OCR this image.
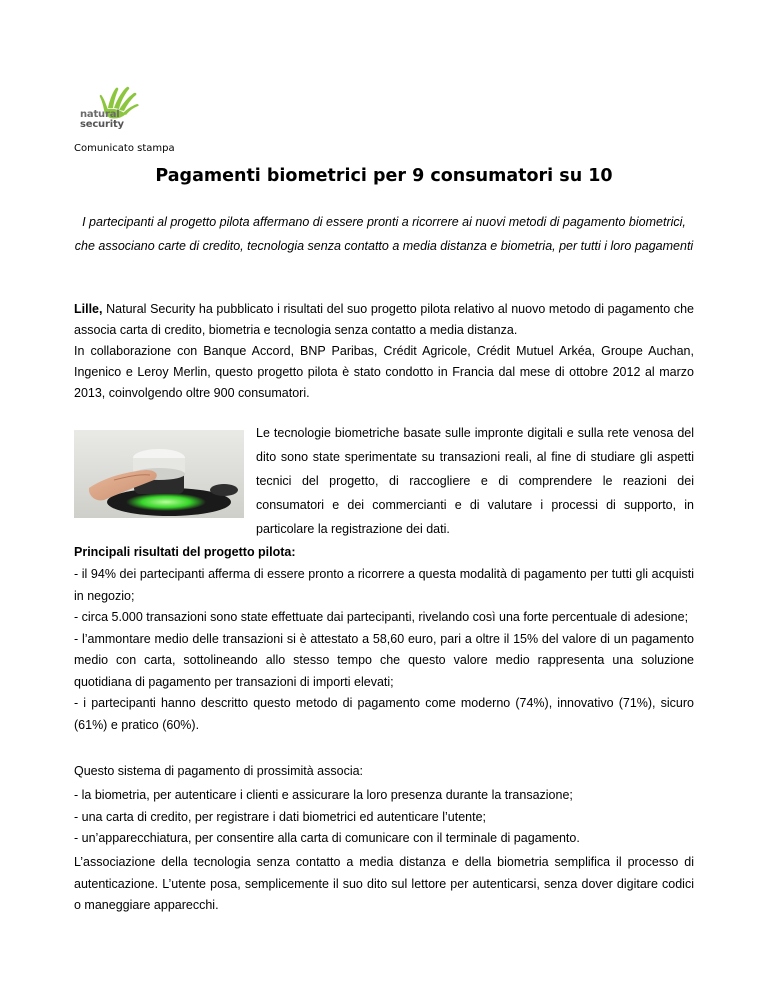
natural
security
Comunicato stampa
Pagamenti biometrici per 9 consumatori su 10

I partecipanti al progetto pilota affermano di essere pronti a ricorrere ai nuovi metodi di pagamento biometrici, che associano carte di credito, tecnologia senza contatto a media distanza e biometria, per tutti i loro pagamenti

Lille, Natural Security ha pubblicato i risultati del suo progetto pilota relativo al nuovo metodo di pagamento che associa carta di credito, biometria e tecnologia senza contatto a media distanza.

In collaborazione con Banque Accord, BNP Paribas, Crédit Agricole, Crédit Mutuel Arkéa, Groupe Auchan, Ingenico e Leroy Merlin, questo progetto pilota è stato condotto in Francia dal mese di ottobre 2012 al marzo 2013, coinvolgendo oltre 900 consumatori.

Le tecnologie biometriche basate sulle impronte digitali e sulla rete venosa del dito sono state sperimentate su transazioni reali, al fine di studiare gli aspetti tecnici del progetto, di raccogliere e di comprendere le reazioni dei consumatori e dei commercianti e di valutare i processi di supporto, in particolare la registrazione dei dati.

Principali risultati del progetto pilota:

- il 94% dei partecipanti afferma di essere pronto a ricorrere a questa modalità di pagamento per tutti gli acquisti in negozio;
- circa 5.000 transazioni sono state effettuate dai partecipanti, rivelando così una forte percentuale di adesione;
- l’ammontare medio delle transazioni si è attestato a 58,60 euro, pari a oltre il 15% del valore di un pagamento medio con carta, sottolineando allo stesso tempo che questo valore medio rappresenta una soluzione quotidiana di pagamento per transazioni di importi elevati;
- i partecipanti hanno descritto questo metodo di pagamento come moderno (74%), innovativo (71%), sicuro (61%) e pratico (60%).

Questo sistema di pagamento di prossimità associa:

- la biometria, per autenticare i clienti e assicurare la loro presenza durante la transazione;
- una carta di credito, per registrare i dati biometrici ed autenticare l’utente;
- un’apparecchiatura, per consentire alla carta di comunicare con il terminale di pagamento.

L’associazione della tecnologia senza contatto a media distanza e della biometria semplifica il processo di autenticazione. L’utente posa, semplicemente il suo dito sul lettore per autenticarsi, senza dover digitare codici o maneggiare apparecchi.
